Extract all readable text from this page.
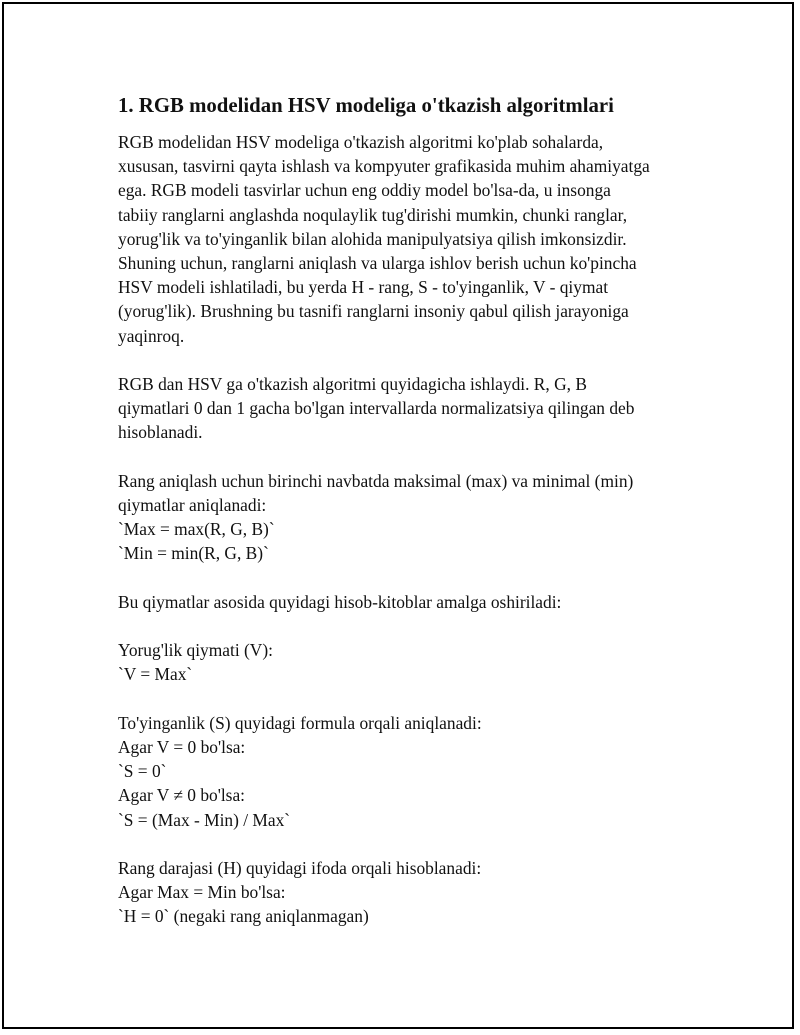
1. RGB modelidan HSV modeliga o'tkazish algoritmlari
RGB modelidan HSV modeliga o'tkazish algoritmi ko'plab sohalarda,
xususan, tasvirni qayta ishlash va kompyuter grafikasida muhim ahamiyatga
ega. RGB modeli tasvirlar uchun eng oddiy model bo'lsa-da, u insonga
tabiiy ranglarni anglashda noqulaylik tug'dirishi mumkin, chunki ranglar,
yorug'lik va to'yinganlik bilan alohida manipulyatsiya qilish imkonsizdir.
Shuning uchun, ranglarni aniqlash va ularga ishlov berish uchun ko'pincha
HSV modeli ishlatiladi, bu yerda H - rang, S - to'yinganlik, V - qiymat
(yorug'lik). Brushning bu tasnifi ranglarni insoniy qabul qilish jarayoniga
yaqinroq.
RGB dan HSV ga o'tkazish algoritmi quyidagicha ishlaydi. R, G, B
qiymatlari 0 dan 1 gacha bo'lgan intervallarda normalizatsiya qilingan deb
hisoblanadi.
Rang aniqlash uchun birinchi navbatda maksimal (max) va minimal (min)
qiymatlar aniqlanadi:
`Max = max(R, G, B)`
`Min = min(R, G, B)`
Bu qiymatlar asosida quyidagi hisob-kitoblar amalga oshiriladi:
Yorug'lik qiymati (V):
`V = Max`
To'yinganlik (S) quyidagi formula orqali aniqlanadi:
Agar V = 0 bo'lsa:
`S = 0`
Agar V ≠ 0 bo'lsa:
`S = (Max - Min) / Max`
Rang darajasi (H) quyidagi ifoda orqali hisoblanadi:
Agar Max = Min bo'lsa:
`H = 0` (negaki rang aniqlanmagan)
